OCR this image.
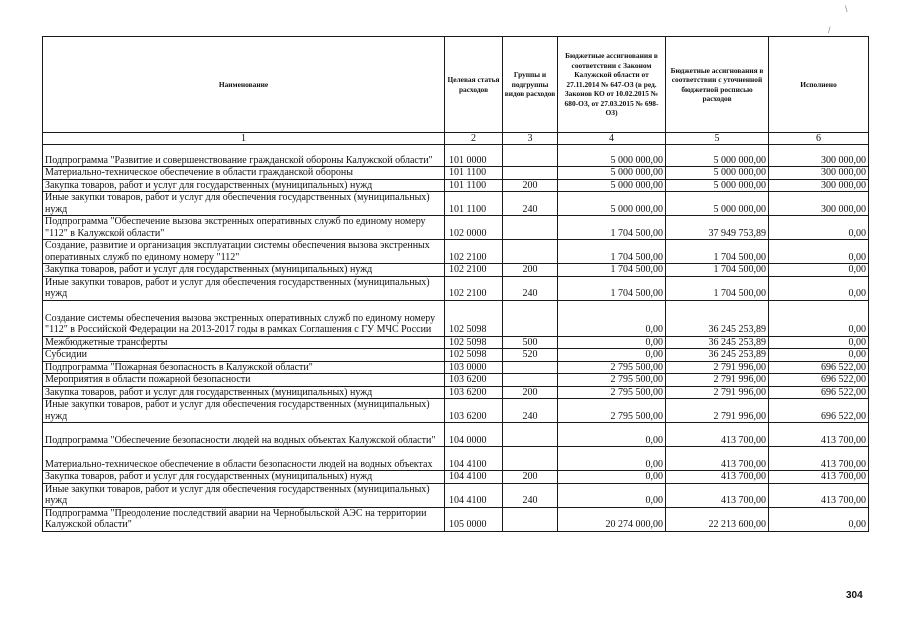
Наименование	Целевая статья расходов	Группы и подгруппы видов расходов	Бюджетные ассигнования в соответствии с Законом Калужской области от 27.11.2014 № 647-ОЗ (в ред. Законов КО от 10.02.2015 № 680-ОЗ, от 27.03.2015 № 698-ОЗ)	Бюджетные ассигнования в соответствии с уточненной бюджетной росписью расходов	Исполнено
1	2	3	4	5	6
Подпрограмма "Развитие и совершенствование гражданской обороны Калужской области"	101 0000		5 000 000,00	5 000 000,00	300 000,00
Материально-техническое обеспечение в области гражданской обороны	101 1100		5 000 000,00	5 000 000,00	300 000,00
Закупка товаров, работ и услуг для государственных (муниципальных) нужд	101 1100	200	5 000 000,00	5 000 000,00	300 000,00
Иные закупки товаров, работ и услуг для обеспечения государственных (муниципальных) нужд	101 1100	240	5 000 000,00	5 000 000,00	300 000,00
Подпрограмма "Обеспечение вызова экстренных оперативных служб по единому номеру "112" в Калужской области"	102 0000		1 704 500,00	37 949 753,89	0,00
Создание, развитие и организация эксплуатации системы обеспечения вызова экстренных оперативных служб по единому номеру "112"	102 2100		1 704 500,00	1 704 500,00	0,00
Закупка товаров, работ и услуг для государственных (муниципальных) нужд	102 2100	200	1 704 500,00	1 704 500,00	0,00
Иные закупки товаров, работ и услуг для обеспечения государственных (муниципальных) нужд	102 2100	240	1 704 500,00	1 704 500,00	0,00
Создание системы обеспечения вызова экстренных оперативных служб по единому номеру "112" в Российской Федерации на 2013-2017 годы в рамках Соглашения с ГУ МЧС России	102 5098		0,00	36 245 253,89	0,00
Межбюджетные трансферты	102 5098	500	0,00	36 245 253,89	0,00
Субсидии	102 5098	520	0,00	36 245 253,89	0,00
Подпрограмма "Пожарная безопасность в Калужской области"	103 0000		2 795 500,00	2 791 996,00	696 522,00
Мероприятия в области пожарной безопасности	103 6200		2 795 500,00	2 791 996,00	696 522,00
Закупка товаров, работ и услуг для государственных (муниципальных) нужд	103 6200	200	2 795 500,00	2 791 996,00	696 522,00
Иные закупки товаров, работ и услуг для обеспечения государственных (муниципальных) нужд	103 6200	240	2 795 500,00	2 791 996,00	696 522,00
Подпрограмма "Обеспечение безопасности людей на водных объектах Калужской области"	104 0000		0,00	413 700,00	413 700,00
Материально-техническое обеспечение в области безопасности людей на водных объектах	104 4100		0,00	413 700,00	413 700,00
Закупка товаров, работ и услуг для государственных (муниципальных) нужд	104 4100	200	0,00	413 700,00	413 700,00
Иные закупки товаров, работ и услуг для обеспечения государственных (муниципальных) нужд	104 4100	240	0,00	413 700,00	413 700,00
Подпрограмма "Преодоление последствий аварии на Чернобыльской АЭС на территории Калужской области"	105 0000		20 274 000,00	22 213 600,00	0,00
304
\
/
